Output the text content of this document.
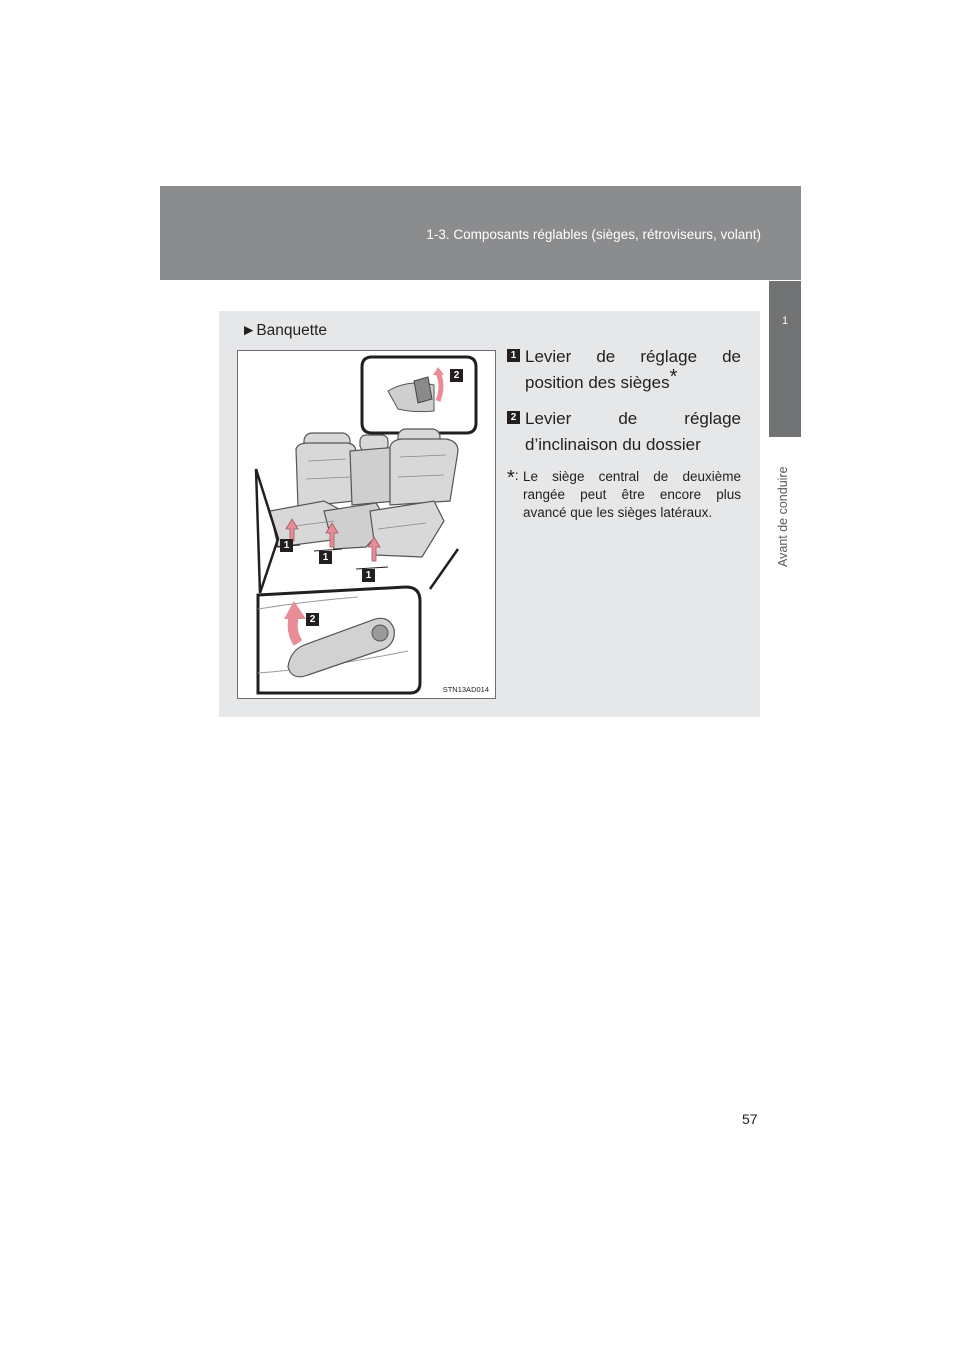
1-3. Composants réglables (sièges, rétroviseurs, volant)
1
Avant de conduire
►Banquette
2
1
1
1
2
STN13AD014
1 Levier de réglage de
position des sièges*
2 Levier de réglage
d’inclinaison du dossier
*: Le siège central de deuxième rangée peut être encore plus avancé que les sièges latéraux.
57
